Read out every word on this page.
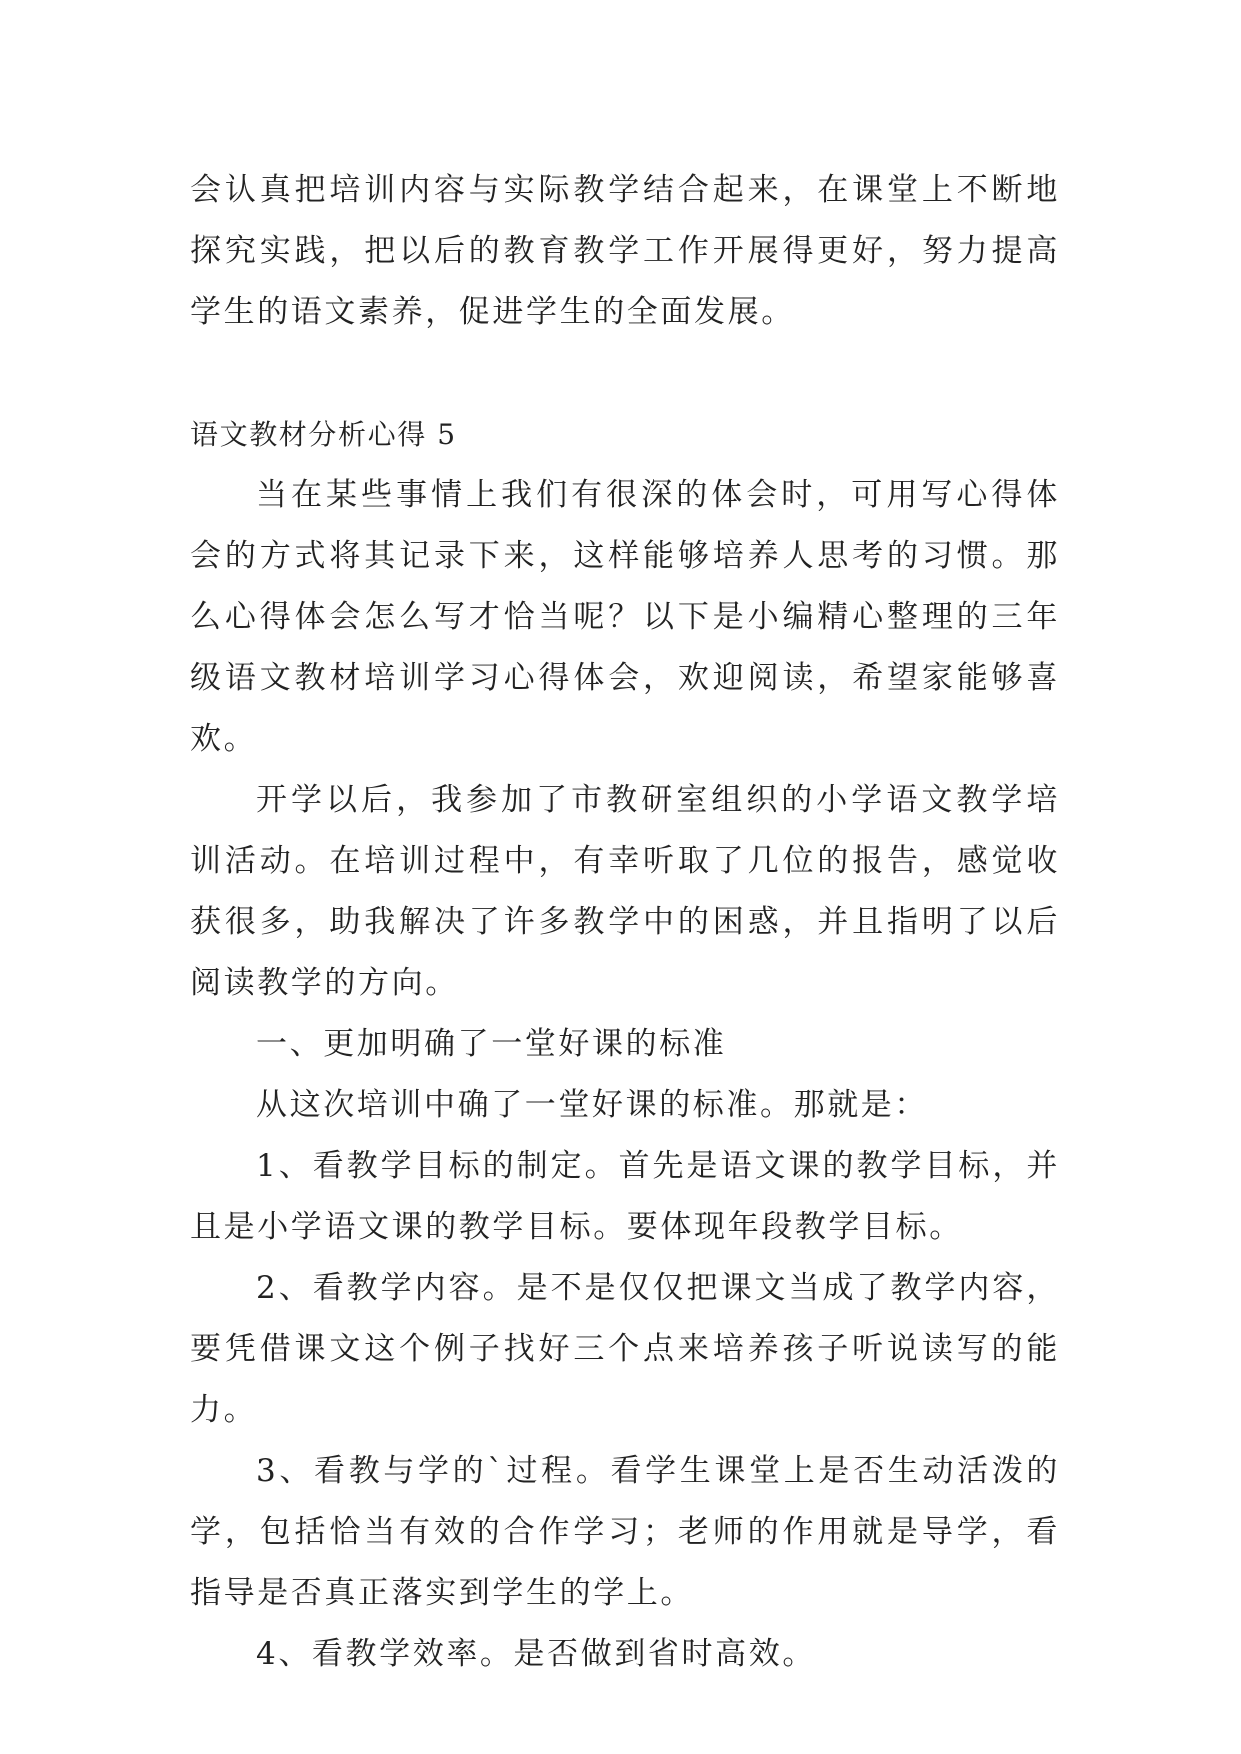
会认真把培训内容与实际教学结合起来，在课堂上不断地探究实践，把以后的教育教学工作开展得更好，努力提高学生的语文素养，促进学生的全面发展。

语文教材分析心得 5

当在某些事情上我们有很深的体会时，可用写心得体会的方式将其记录下来，这样能够培养人思考的习惯。那么心得体会怎么写才恰当呢？以下是小编精心整理的三年级语文教材培训学习心得体会，欢迎阅读，希望家能够喜欢。

开学以后，我参加了市教研室组织的小学语文教学培训活动。在培训过程中，有幸听取了几位的报告，感觉收获很多，助我解决了许多教学中的困惑，并且指明了以后阅读教学的方向。

一、更加明确了一堂好课的标准

从这次培训中确了一堂好课的标准。那就是：

1、看教学目标的制定。首先是语文课的教学目标，并且是小学语文课的教学目标。要体现年段教学目标。

2、看教学内容。是不是仅仅把课文当成了教学内容，要凭借课文这个例子找好三个点来培养孩子听说读写的能力。

3、看教与学的`过程。看学生课堂上是否生动活泼的学，包括恰当有效的合作学习；老师的作用就是导学，看指导是否真正落实到学生的学上。

4、看教学效率。是否做到省时高效。
